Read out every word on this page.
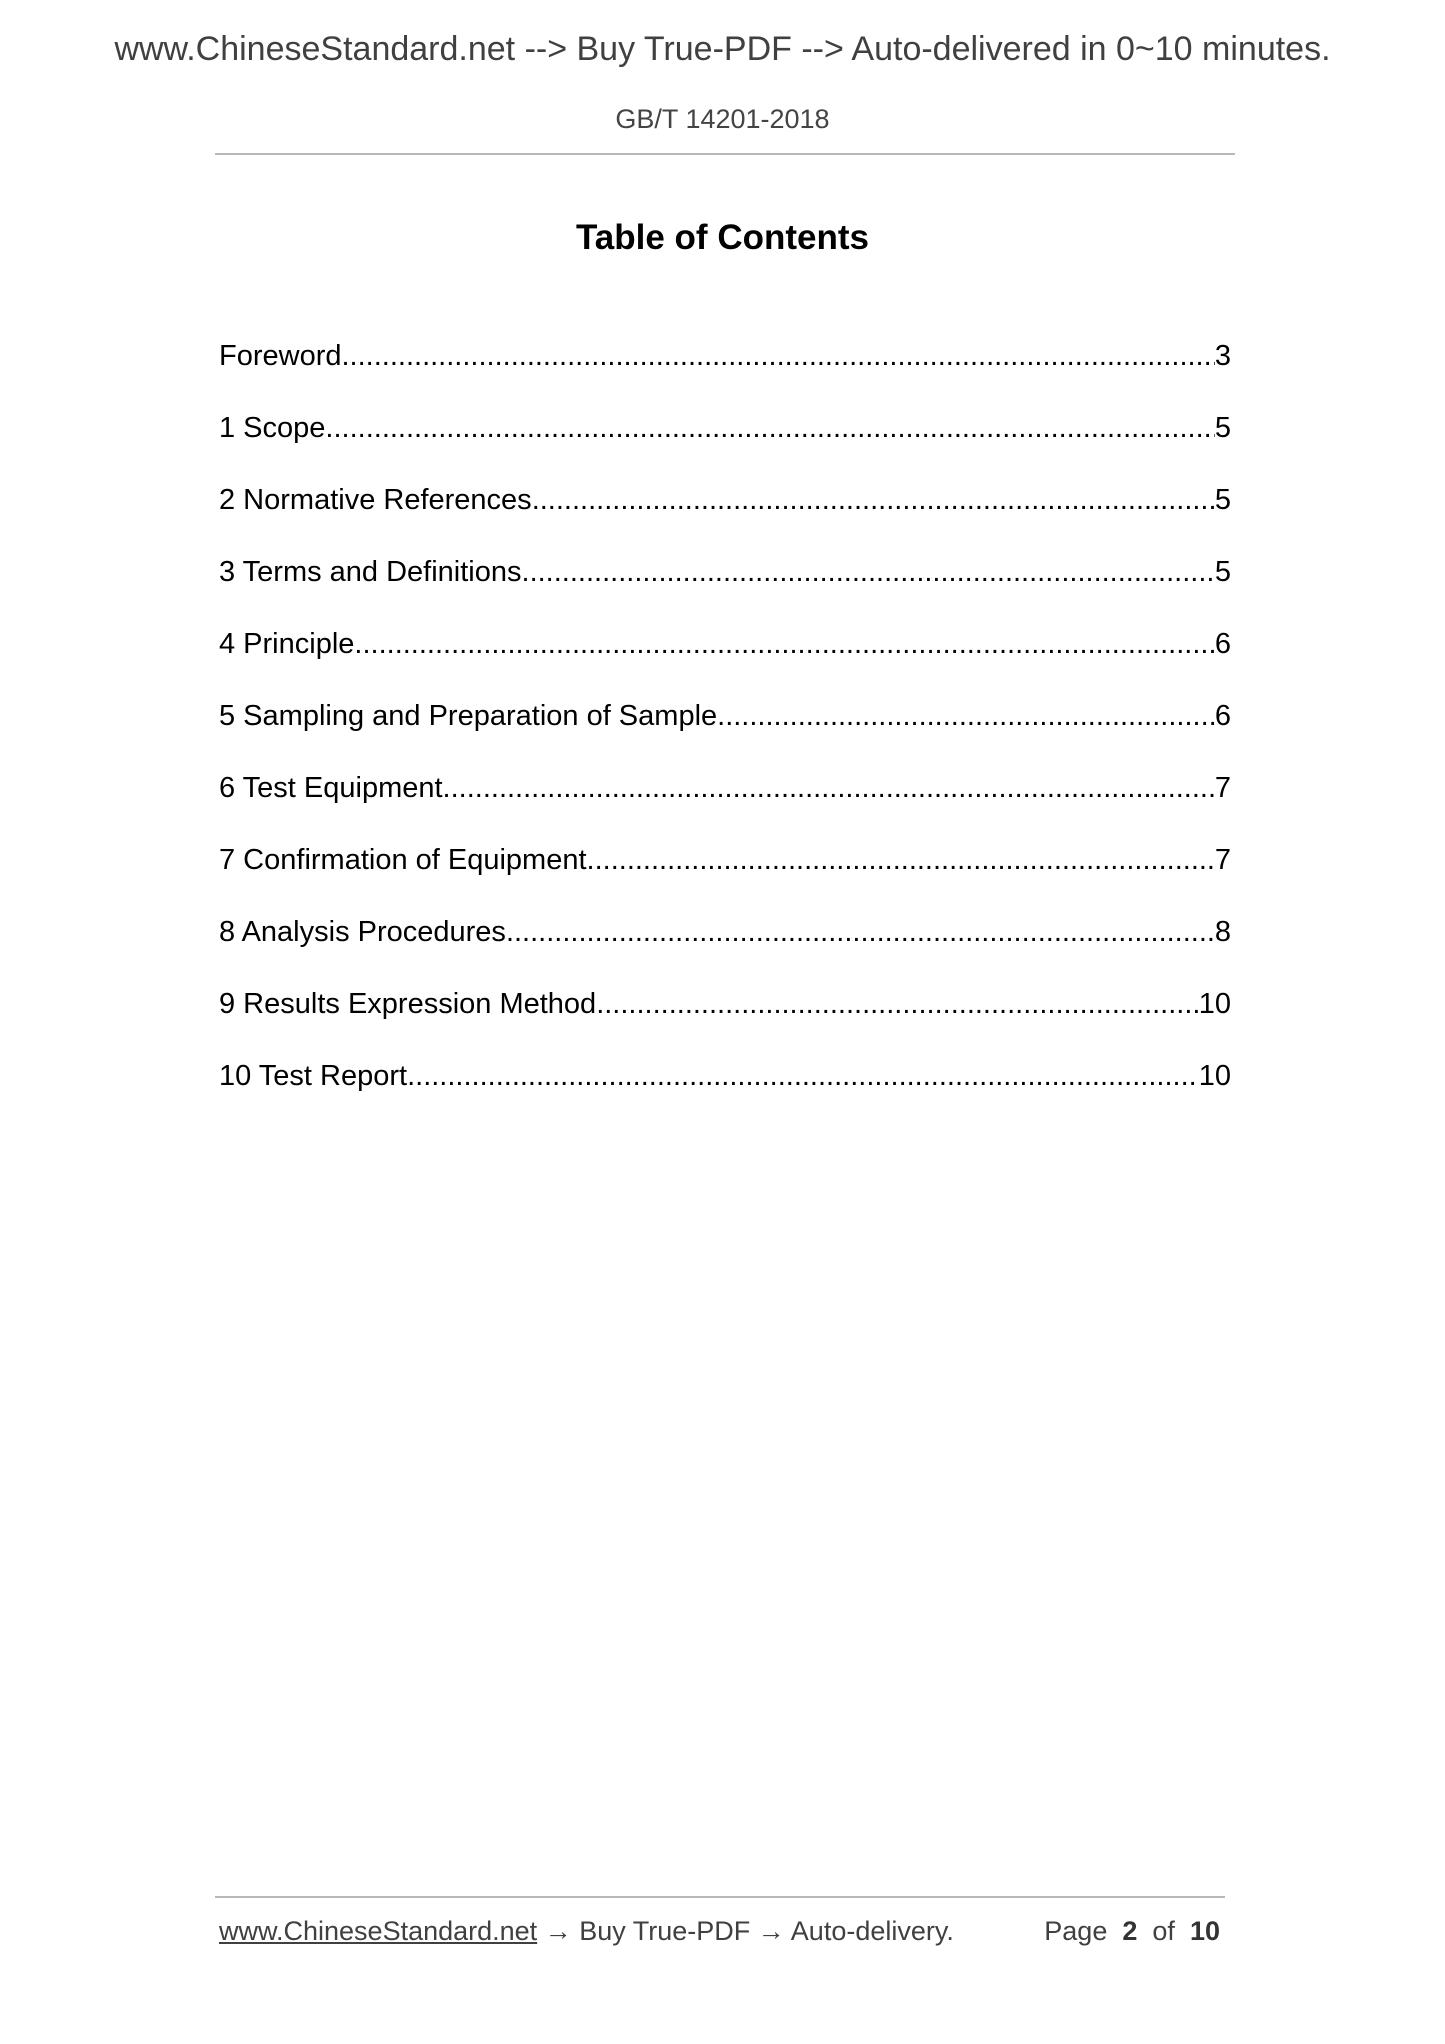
www.ChineseStandard.net --> Buy True-PDF --> Auto-delivered in 0~10 minutes.
GB/T 14201-2018
Table of Contents
Foreword .....	3
1 Scope .....	5
2 Normative References .....	5
3 Terms and Definitions .....	5
4 Principle .....	6
5 Sampling and Preparation of Sample .....	6
6 Test Equipment .....	7
7 Confirmation of Equipment .....	7
8 Analysis Procedures .....	8
9 Results Expression Method .....	10
10 Test Report .....	10
www.ChineseStandard.net → Buy True-PDF → Auto-delivery.	Page 2 of 10
